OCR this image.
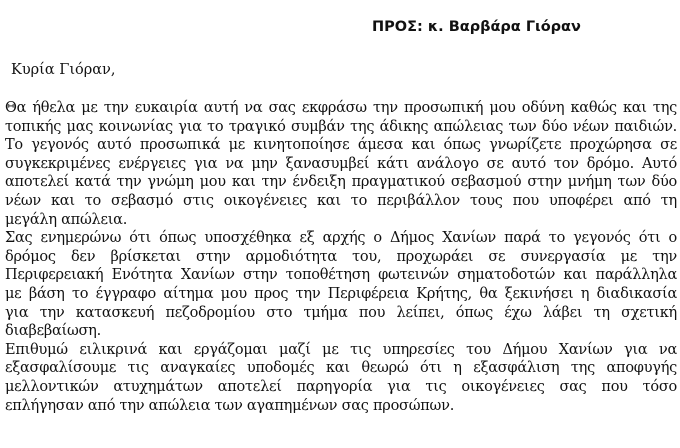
ΠΡΟΣ: κ. Βαρβάρα Γιόραν
Κυρία Γιόραν,
Θα ήθελα με την ευκαιρία αυτή να σας εκφράσω την προσωπική μου οδύνη καθώς και της
τοπικής μας κοινωνίας για το τραγικό συμβάν της άδικης απώλειας των δύο νέων παιδιών.
Το γεγονός αυτό προσωπικά με κινητοποίησε άμεσα και όπως γνωρίζετε προχώρησα σε
συγκεκριμένες ενέργειες για να μην ξανασυμβεί κάτι ανάλογο σε αυτό τον δρόμο. Αυτό
αποτελεί κατά την γνώμη μου και την ένδειξη πραγματικού σεβασμού στην μνήμη των δύο
νέων και το σεβασμό στις οικογένειες και το περιβάλλον τους που υποφέρει από τη
μεγάλη απώλεια.
Σας ενημερώνω ότι όπως υποσχέθηκα εξ αρχής ο Δήμος Χανίων παρά το γεγονός ότι ο
δρόμος δεν βρίσκεται στην αρμοδιότητα του, προχωράει σε συνεργασία με την
Περιφερειακή Ενότητα Χανίων στην τοποθέτηση φωτεινών σηματοδοτών και παράλληλα
με βάση το έγγραφο αίτημα μου προς την Περιφέρεια Κρήτης, θα ξεκινήσει η διαδικασία
για την κατασκευή πεζοδρομίου στο τμήμα που λείπει, όπως έχω λάβει τη σχετική
διαβεβαίωση.
Επιθυμώ ειλικρινά και εργάζομαι μαζί με τις υπηρεσίες του Δήμου Χανίων για να
εξασφαλίσουμε τις αναγκαίες υποδομές και θεωρώ ότι η εξασφάλιση της αποφυγής
μελλοντικών ατυχημάτων αποτελεί παρηγορία για τις οικογένειες σας που τόσο
επλήγησαν από την απώλεια των αγαπημένων σας προσώπων.
